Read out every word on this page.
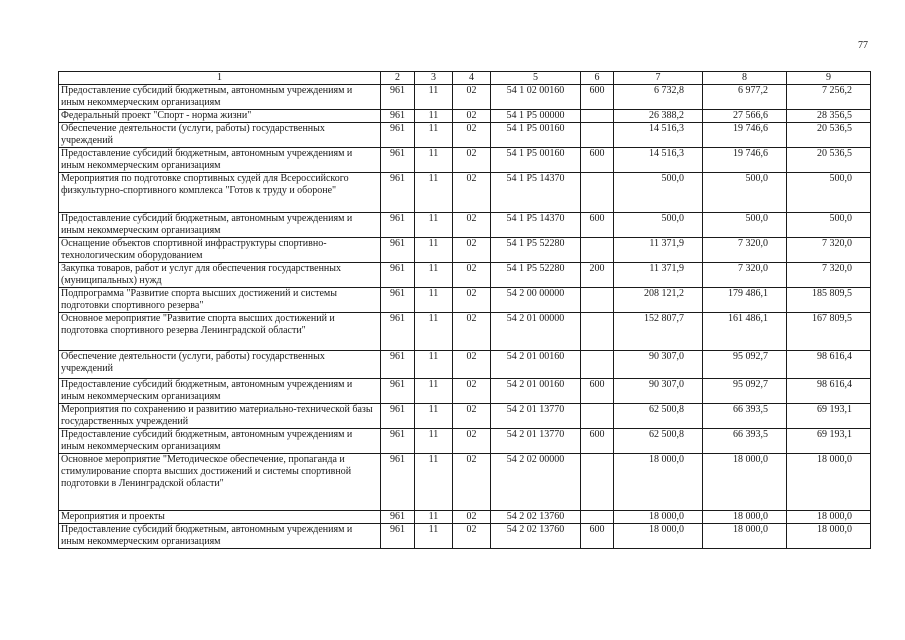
77
1	2	3	4	5	6	7	8	9
Предоставление субсидий бюджетным, автономным учреждениям и иным некоммерческим организациям	961	11	02	54 1 02 00160	600	6 732,8	6 977,2	7 256,2
Федеральный проект "Спорт - норма жизни"	961	11	02	54 1 P5 00000		26 388,2	27 566,6	28 356,5
Обеспечение деятельности (услуги, работы) государственных учреждений	961	11	02	54 1 P5 00160		14 516,3	19 746,6	20 536,5
Предоставление субсидий бюджетным, автономным учреждениям и иным некоммерческим организациям	961	11	02	54 1 P5 00160	600	14 516,3	19 746,6	20 536,5
Мероприятия по подготовке спортивных судей для Всероссийского физкультурно-спортивного комплекса "Готов к труду и обороне"	961	11	02	54 1 P5 14370		500,0	500,0	500,0
Предоставление субсидий бюджетным, автономным учреждениям и иным некоммерческим организациям	961	11	02	54 1 P5 14370	600	500,0	500,0	500,0
Оснащение объектов спортивной инфраструктуры спортивно-технологическим оборудованием	961	11	02	54 1 P5 52280		11 371,9	7 320,0	7 320,0
Закупка товаров, работ и услуг для обеспечения государственных (муниципальных) нужд	961	11	02	54 1 P5 52280	200	11 371,9	7 320,0	7 320,0
Подпрограмма "Развитие спорта высших достижений и системы подготовки спортивного резерва"	961	11	02	54 2 00 00000		208 121,2	179 486,1	185 809,5
Основное мероприятие "Развитие спорта высших достижений и подготовка спортивного резерва Ленинградской области"	961	11	02	54 2 01 00000		152 807,7	161 486,1	167 809,5
Обеспечение деятельности (услуги, работы) государственных учреждений	961	11	02	54 2 01 00160		90 307,0	95 092,7	98 616,4
Предоставление субсидий бюджетным, автономным учреждениям и иным некоммерческим организациям	961	11	02	54 2 01 00160	600	90 307,0	95 092,7	98 616,4
Мероприятия по сохранению и развитию материально-технической базы государственных учреждений	961	11	02	54 2 01 13770		62 500,8	66 393,5	69 193,1
Предоставление субсидий бюджетным, автономным учреждениям и иным некоммерческим организациям	961	11	02	54 2 01 13770	600	62 500,8	66 393,5	69 193,1
Основное мероприятие "Методическое обеспечение, пропаганда и стимулирование спорта высших достижений и системы спортивной подготовки в Ленинградской области"	961	11	02	54 2 02 00000		18 000,0	18 000,0	18 000,0
Мероприятия и проекты	961	11	02	54 2 02 13760		18 000,0	18 000,0	18 000,0
Предоставление субсидий бюджетным, автономным учреждениям и иным некоммерческим организациям	961	11	02	54 2 02 13760	600	18 000,0	18 000,0	18 000,0
